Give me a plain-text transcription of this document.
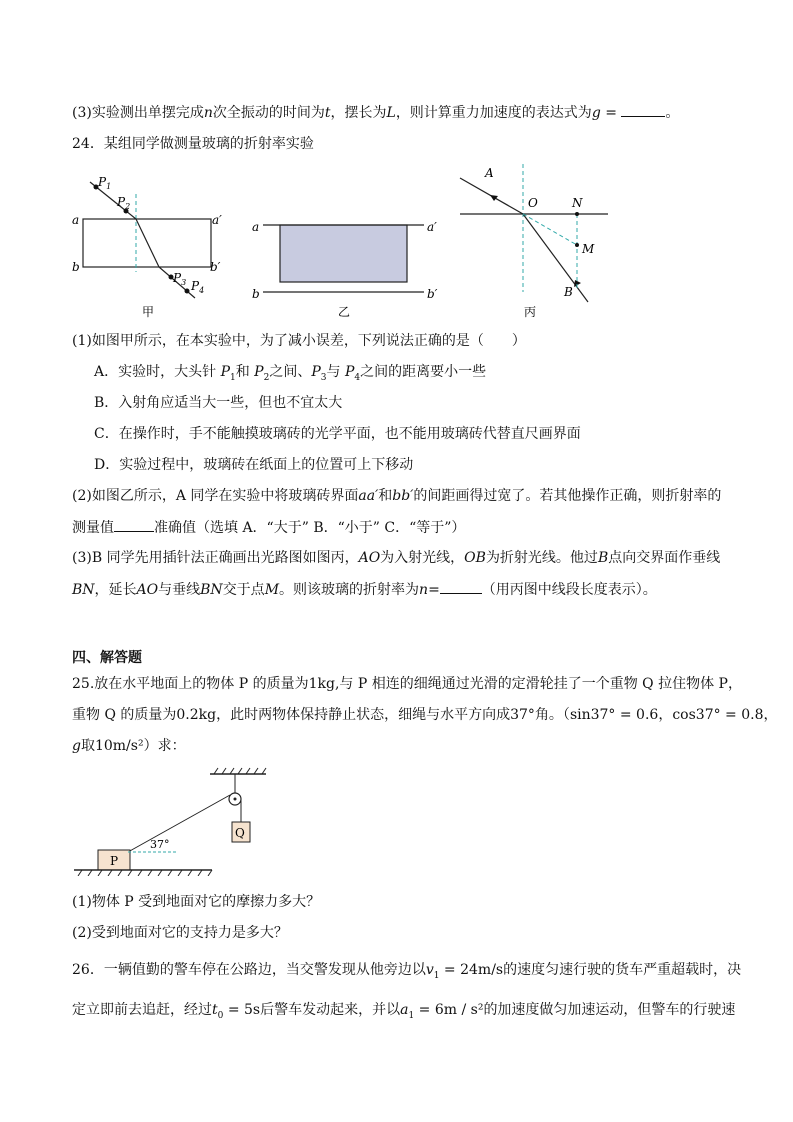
(3)实验测出单摆完成n次全振动的时间为t，摆长为L，则计算重力加速度的表达式为g =	。
24．某组同学做测量玻璃的折射率实验
$P_1$
$P_2$
$P_3$ $P_4$
a	a′
b	b′
甲
a	a′
b	b′
乙
A
O	N
M
B
丙
(1)如图甲所示，在本实验中，为了减小误差，下列说法正确的是（　　）
A．实验时，大头针 $P_1$和 $P_2$之间、$P_3$与 $P_4$之间的距离要小一些
B．入射角应适当大一些，但也不宜太大
C．在操作时，手不能触摸玻璃砖的光学平面，也不能用玻璃砖代替直尺画界面
D．实验过程中，玻璃砖在纸面上的位置可上下移动
(2)如图乙所示，A 同学在实验中将玻璃砖界面aa′和bb′的间距画得过宽了。若其他操作正确，则折射率的
测量值	准确值（选填 A．“大于” B．“小于” C．“等于”）
(3)B 同学先用插针法正确画出光路图如图丙，AO为入射光线，OB为折射光线。他过B点向交界面作垂线
BN，延长AO与垂线BN交于点M。则该玻璃的折射率为n=	（用丙图中线段长度表示）。
四、解答题
25.放在水平地面上的物体 P 的质量为1kg,与 P 相连的细绳通过光滑的定滑轮挂了一个重物 Q 拉住物体 P，
重物 Q 的质量为0.2kg，此时两物体保持静止状态，细绳与水平方向成37°角。（sin37° = 0.6，cos37° = 0.8，
g取10m/s²）求：
Q
P
37°
(1)物体 P 受到地面对它的摩擦力多大？
(2)受到地面对它的支持力是多大？
26．一辆值勤的警车停在公路边，当交警发现从他旁边以$v_1 = 24m/s$的速度匀速行驶的货车严重超载时，决
定立即前去追赶，经过$t_0 = 5s$后警车发动起来，并以$a_1 = 6m / s^2$的加速度做匀加速运动，但警车的行驶速
